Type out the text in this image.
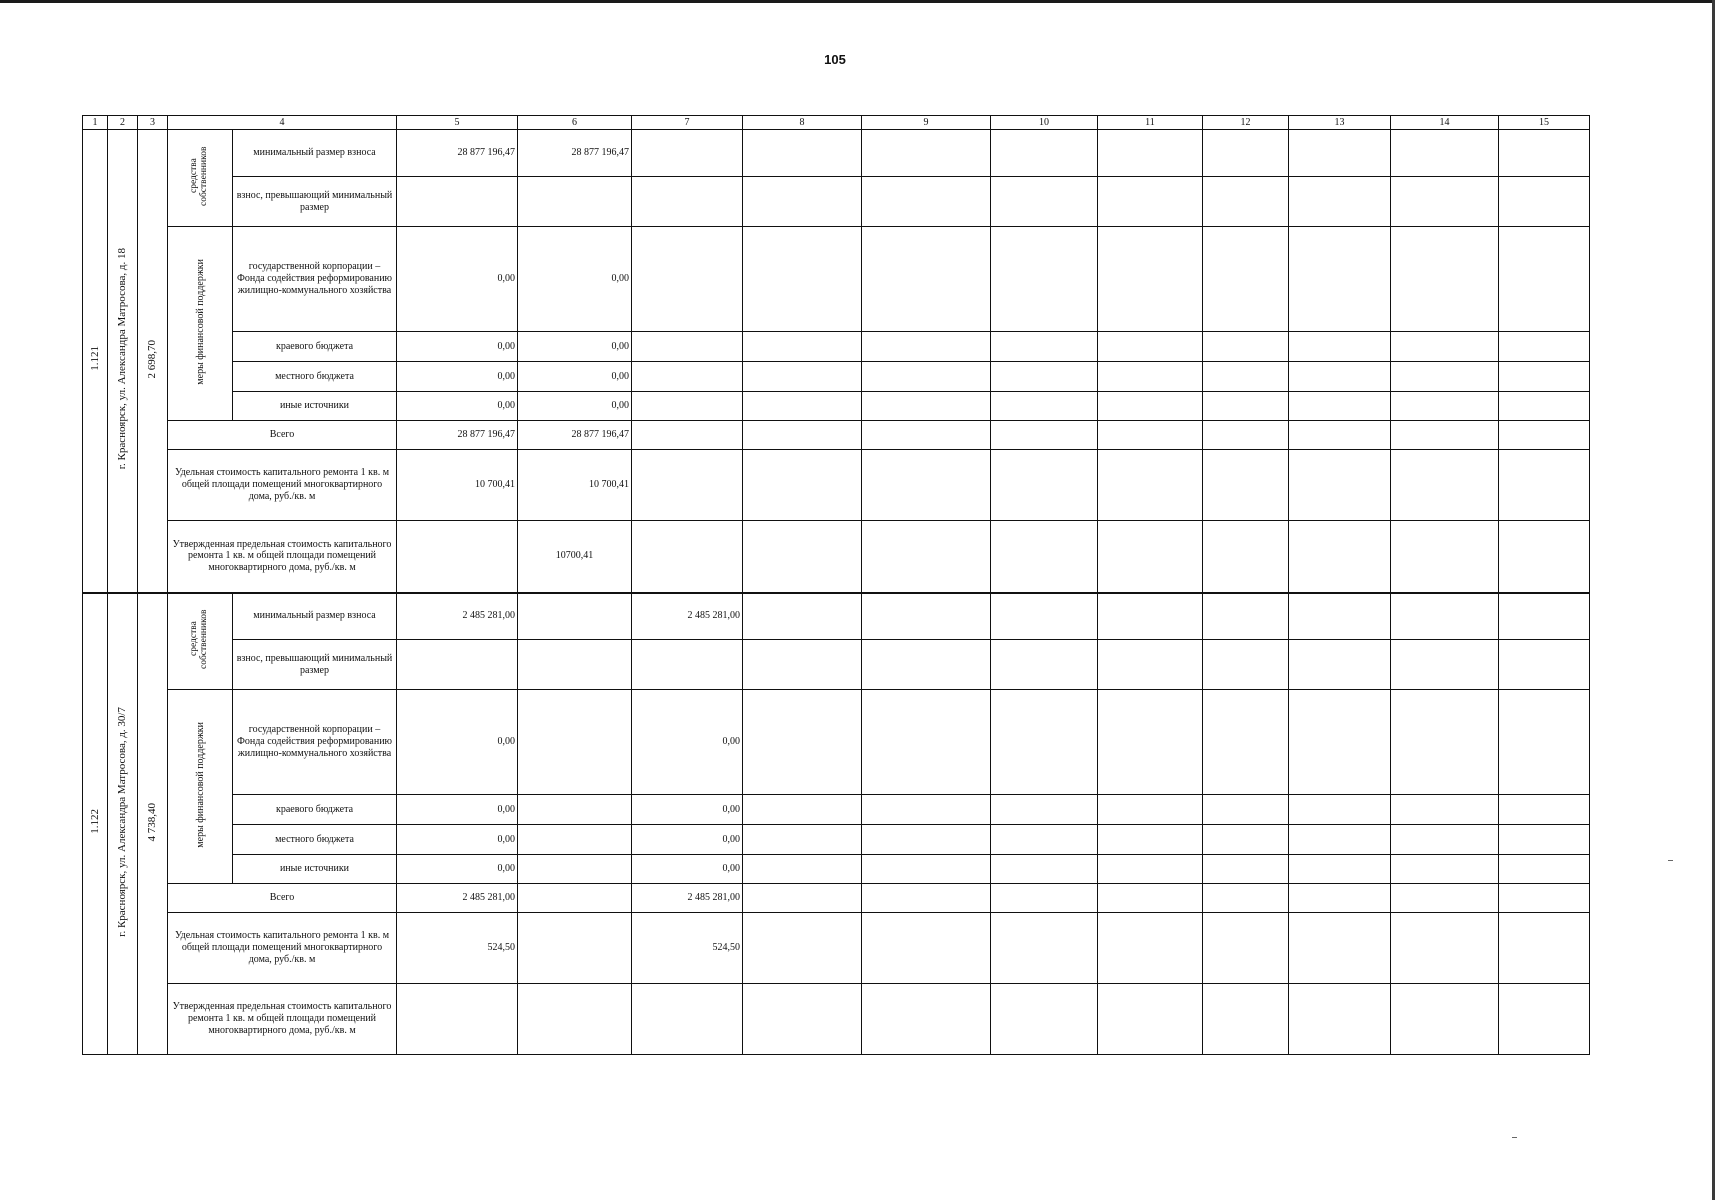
105
1	2	3	4		5	6	7	8	9	10	11	12	13	14	15
1.121	г. Красноярск, ул. Александра Матросова, д. 18	2 698,70	средства собственников	минимальный размер взноса	28 877 196,47	28 877 196,47									
				взнос, превышающий минимальный размер											
			меры финансовой поддержки	государственной корпорации – Фонда содействия реформированию жилищно-коммунального хозяйства	0,00	0,00									
				краевого бюджета	0,00	0,00									
				местного бюджета	0,00	0,00									
				иные источники	0,00	0,00									
			Всего		28 877 196,47	28 877 196,47									
			Удельная стоимость капитального ремонта 1 кв. м общей площади помещений многоквартирного дома, руб./кв. м		10 700,41	10 700,41									
			Утвержденная предельная стоимость капитального ремонта 1 кв. м общей площади помещений многоквартирного дома, руб./кв. м			10700,41									
1.122	г. Красноярск, ул. Александра Матросова, д. 30/7	4 738,40	средства собственников	минимальный размер взноса	2 485 281,00		2 485 281,00								
				взнос, превышающий минимальный размер											
			меры финансовой поддержки	государственной корпорации – Фонда содействия реформированию жилищно-коммунального хозяйства	0,00		0,00								
				краевого бюджета	0,00		0,00								
				местного бюджета	0,00		0,00								
				иные источники	0,00		0,00								
			Всего		2 485 281,00		2 485 281,00								
			Удельная стоимость капитального ремонта 1 кв. м общей площади помещений многоквартирного дома, руб./кв. м		524,50		524,50								
			Утвержденная предельная стоимость капитального ремонта 1 кв. м общей площади помещений многоквартирного дома, руб./кв. м												
